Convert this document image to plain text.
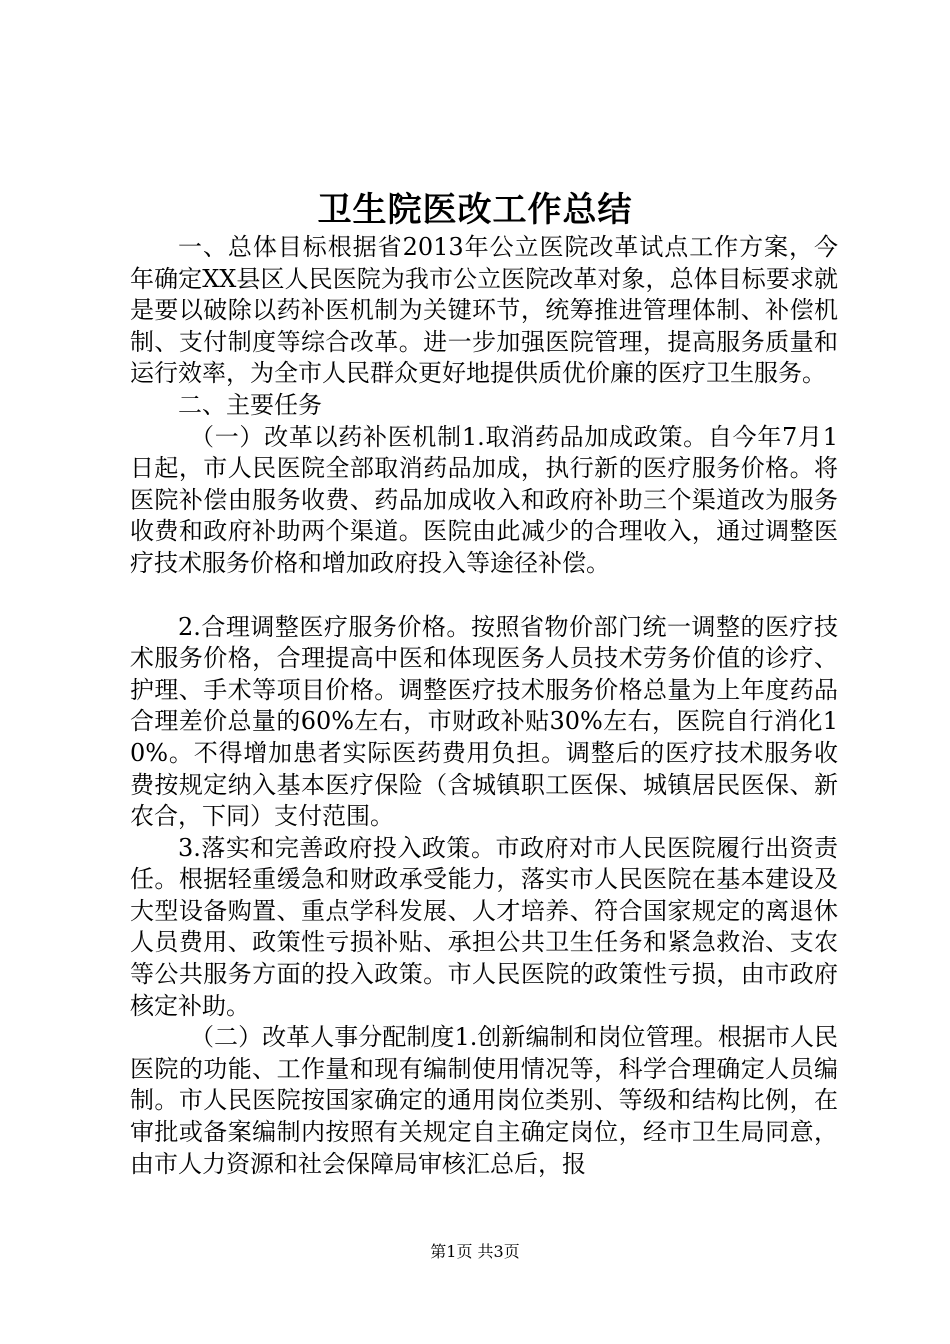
卫生院医改工作总结

一、总体目标根据省2013年公立医院改革试点工作方案，今年确定XX县区人民医院为我市公立医院改革对象，总体目标要求就是要以破除以药补医机制为关键环节，统筹推进管理体制、补偿机制、支付制度等综合改革。进一步加强医院管理，提高服务质量和运行效率，为全市人民群众更好地提供质优价廉的医疗卫生服务。

二、主要任务

（一）改革以药补医机制1.取消药品加成政策。自今年7月1日起，市人民医院全部取消药品加成，执行新的医疗服务价格。将医院补偿由服务收费、药品加成收入和政府补助三个渠道改为服务收费和政府补助两个渠道。医院由此减少的合理收入，通过调整医疗技术服务价格和增加政府投入等途径补偿。

2.合理调整医疗服务价格。按照省物价部门统一调整的医疗技术服务价格，合理提高中医和体现医务人员技术劳务价值的诊疗、护理、手术等项目价格。调整医疗技术服务价格总量为上年度药品合理差价总量的60%左右，市财政补贴30%左右，医院自行消化10%。不得增加患者实际医药费用负担。调整后的医疗技术服务收费按规定纳入基本医疗保险（含城镇职工医保、城镇居民医保、新农合，下同）支付范围。

3.落实和完善政府投入政策。市政府对市人民医院履行出资责任。根据轻重缓急和财政承受能力，落实市人民医院在基本建设及大型设备购置、重点学科发展、人才培养、符合国家规定的离退休人员费用、政策性亏损补贴、承担公共卫生任务和紧急救治、支农等公共服务方面的投入政策。市人民医院的政策性亏损，由市政府核定补助。

（二）改革人事分配制度1.创新编制和岗位管理。根据市人民医院的功能、工作量和现有编制使用情况等，科学合理确定人员编制。市人民医院按国家确定的通用岗位类别、等级和结构比例，在审批或备案编制内按照有关规定自主确定岗位，经市卫生局同意，由市人力资源和社会保障局审核汇总后，报

第1页 共3页
